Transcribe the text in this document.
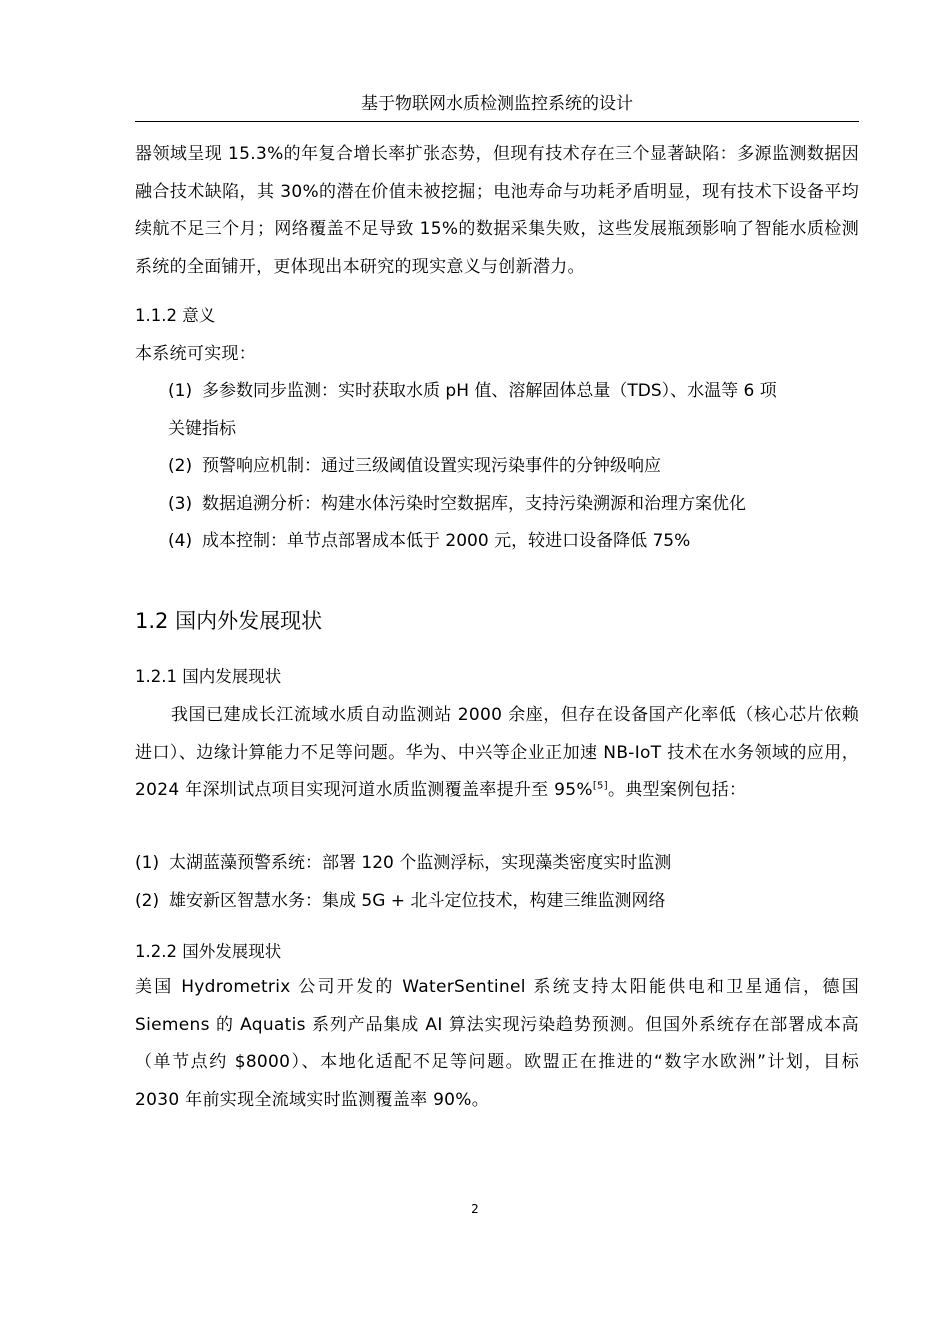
基于物联网水质检测监控系统的设计

器领域呈现 15.3%的年复合增长率扩张态势，但现有技术存在三个显著缺陷：多源监测数据因融合技术缺陷，其 30%的潜在价值未被挖掘；电池寿命与功耗矛盾明显，现有技术下设备平均续航不足三个月；网络覆盖不足导致 15%的数据采集失败，这些发展瓶颈影响了智能水质检测系统的全面铺开，更体现出本研究的现实意义与创新潜力。

1.1.2 意义

本系统可实现：

(1) 多参数同步监测：实时获取水质 pH 值、溶解固体总量（TDS）、水温等 6 项

关键指标

(2) 预警响应机制：通过三级阈值设置实现污染事件的分钟级响应

(3) 数据追溯分析：构建水体污染时空数据库，支持污染溯源和治理方案优化

(4) 成本控制：单节点部署成本低于 2000 元，较进口设备降低 75%

1.2 国内外发展现状

1.2.1 国内发展现状

我国已建成长江流域水质自动监测站 2000 余座，但存在设备国产化率低（核心芯片依赖进口）、边缘计算能力不足等问题。华为、中兴等企业正加速 NB-IoT 技术在水务领域的应用，2024 年深圳试点项目实现河道水质监测覆盖率提升至 95%[5]。典型案例包括：

(1) 太湖蓝藻预警系统：部署 120 个监测浮标，实现藻类密度实时监测

(2) 雄安新区智慧水务：集成 5G + 北斗定位技术，构建三维监测网络

1.2.2 国外发展现状

美国 Hydrometrix 公司开发的 WaterSentinel 系统支持太阳能供电和卫星通信，德国 Siemens 的 Aquatis 系列产品集成 AI 算法实现污染趋势预测。但国外系统存在部署成本高（单节点约 $8000）、本地化适配不足等问题。欧盟正在推进的“数字水欧洲”计划，目标 2030 年前实现全流域实时监测覆盖率 90%。

2
